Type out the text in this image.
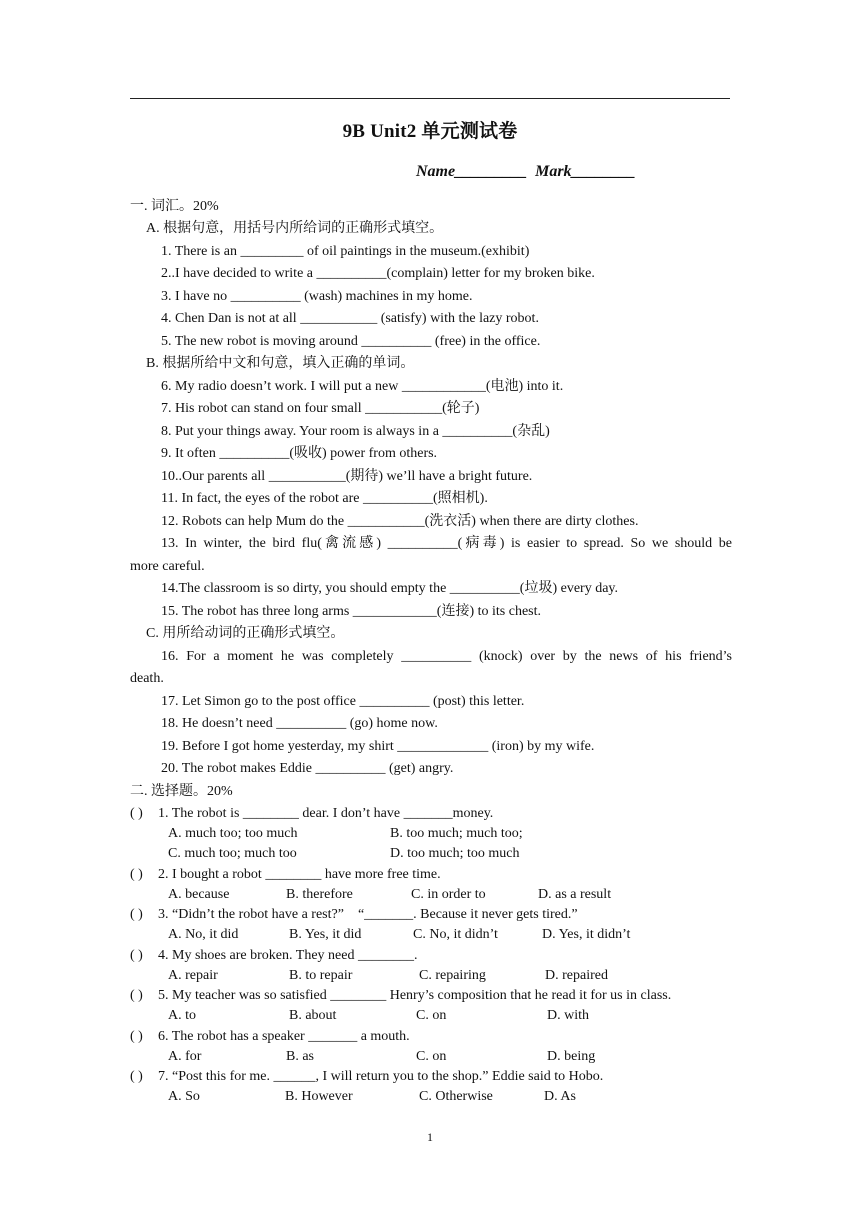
9B Unit2 单元测试卷
Name_________  Mark________
一. 词汇。20%
A. 根据句意，用括号内所给词的正确形式填空。
1. There is an _________ of oil paintings in the museum.(exhibit)
2..I have decided to write a __________(complain) letter for my broken bike.
3. I have no __________ (wash) machines in my home.
4. Chen Dan is not at all ___________ (satisfy) with the lazy robot.
5. The new robot is moving around __________ (free) in the office.
B. 根据所给中文和句意，填入正确的单词。
6. My radio doesn’t work. I will put a new ____________(电池) into it.
7. His robot can stand on four small ___________(轮子)
8. Put your things away. Your room is always in a __________(杂乱)
9. It often __________(吸收) power from others.
10..Our parents all ___________(期待) we’ll have a bright future.
11. In fact, the eyes of the robot are __________(照相机).
12. Robots can help Mum do the ___________(洗衣活) when there are dirty clothes.
13. In winter, the bird flu(禽流感) __________(病毒) is easier to spread. So we should be
more careful.
14.The classroom is so dirty, you should empty the __________(垃圾) every day.
15. The robot has three long arms ____________(连接) to its chest.
C. 用所给动词的正确形式填空。
16. For a moment he was completely __________ (knock) over by the news of his friend’s
death.
17. Let Simon go to the post office __________ (post) this letter.
18. He doesn’t need __________ (go) home now.
19. Before I got home yesterday, my shirt _____________ (iron) by my wife.
20. The robot makes Eddie __________ (get) angry.
二. 选择题。20%
( ) 1. The robot is ________ dear. I don’t have _______money.
A. much too; too much	B. too much; much too;
C. much too; much too	D. too much; too much
( ) 2. I bought a robot ________ have more free time.
A. because	B. therefore	C. in order to	D. as a result
( ) 3. “Didn’t the robot have a rest?”    “_______. Because it never gets tired.”
A. No, it did	B. Yes, it did	C. No, it didn’t	D. Yes, it didn’t
( ) 4. My shoes are broken. They need ________.
A. repair	B. to repair	C. repairing	D. repaired
( ) 5. My teacher was so satisfied ________ Henry’s composition that he read it for us in class.
A. to	B. about	C. on	D. with
( ) 6. The robot has a speaker _______ a mouth.
A. for	B. as	C. on	D. being
( ) 7. “Post this for me. ______, I will return you to the shop.” Eddie said to Hobo.
A. So	B. However	C. Otherwise	D. As
1
